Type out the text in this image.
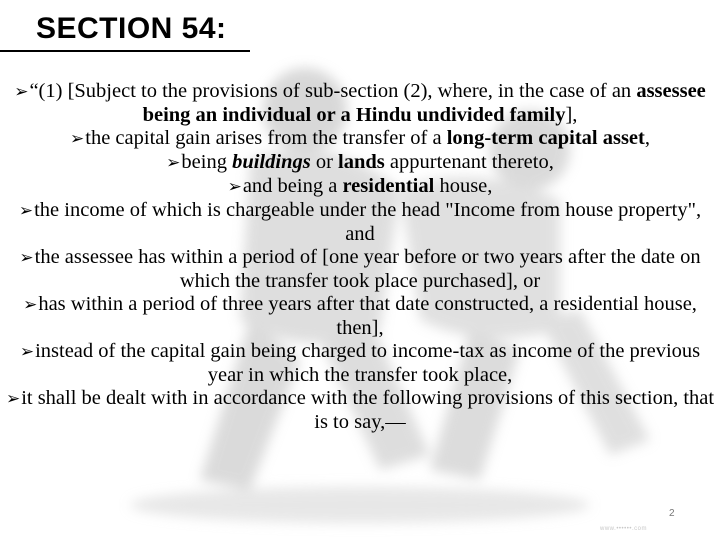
SECTION 54:

➢“(1) [Subject to the provisions of sub-section (2), where, in the case of an assessee being an individual or a Hindu undivided family],

➢the capital gain arises from the transfer of a long-term capital asset,

➢being buildings or lands appurtenant thereto,

➢and being a residential house,

➢the income of which is chargeable under the head "Income from house property", and

➢the assessee has within a period of [one year before or two years after the date on which the transfer took place purchased], or

➢has within a period of three years after that date constructed, a residential house, then],

➢instead of the capital gain being charged to income-tax as income of the previous year in which the transfer took place,

➢it shall be dealt with in accordance with the following provisions of this section, that is to say,—

2
www.••••••.com
